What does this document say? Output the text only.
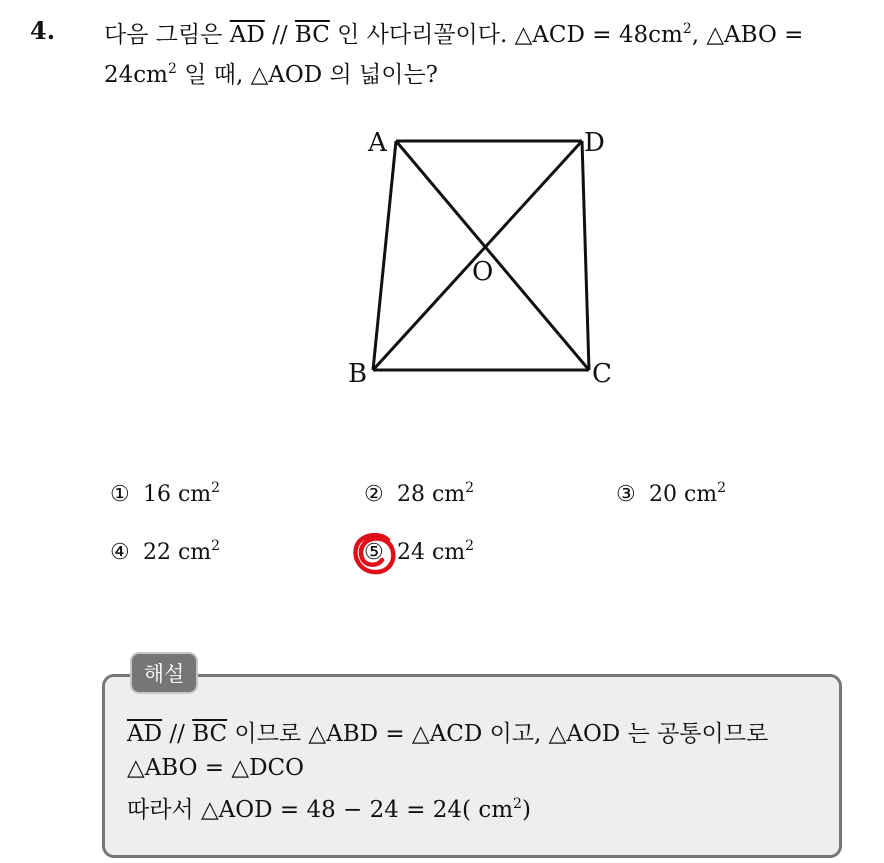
4. 다음 그림은 $\overline{AD} // \overline{BC}$ 인 사다리꼴이다. △ACD = $48cm^2$, △ABO =
$24cm^2$ 일 때, △AOD 의 넓이는?
A	D
B	C
O
① 16 $cm^2$	② 28 $cm^2$	③ 20 $cm^2$
④ 22 $cm^2$	⑤ 24 $cm^2$
해설
$\overline{AD} // \overline{BC}$ 이므로 △ABD = △ACD 이고, △AOD 는 공통이므로
△ABO = △DCO
따라서 △AOD = 48 − 24 = 24( $cm^2$)
